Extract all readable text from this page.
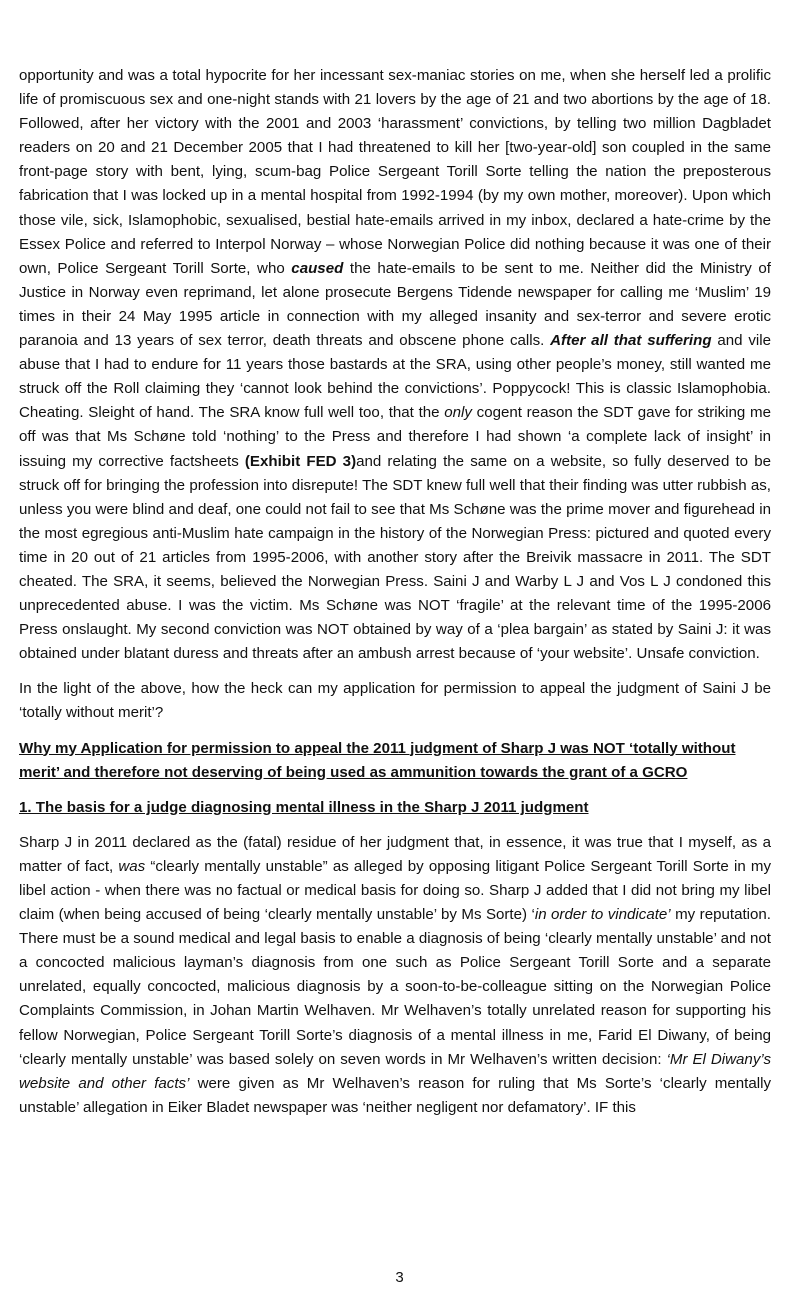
opportunity and was a total hypocrite for her incessant sex-maniac stories on me, when she herself led a prolific life of promiscuous sex and one-night stands with 21 lovers by the age of 21 and two abortions by the age of 18. Followed, after her victory with the 2001 and 2003 ‘harassment’ convictions, by telling two million Dagbladet readers on 20 and 21 December 2005 that I had threatened to kill her [two-year-old] son coupled in the same front-page story with bent, lying, scum-bag Police Sergeant Torill Sorte telling the nation the preposterous fabrication that I was locked up in a mental hospital from 1992-1994 (by my own mother, moreover). Upon which those vile, sick, Islamophobic, sexualised, bestial hate-emails arrived in my inbox, declared a hate-crime by the Essex Police and referred to Interpol Norway – whose Norwegian Police did nothing because it was one of their own, Police Sergeant Torill Sorte, who caused the hate-emails to be sent to me. Neither did the Ministry of Justice in Norway even reprimand, let alone prosecute Bergens Tidende newspaper for calling me ‘Muslim’ 19 times in their 24 May 1995 article in connection with my alleged insanity and sex-terror and severe erotic paranoia and 13 years of sex terror, death threats and obscene phone calls. After all that suffering and vile abuse that I had to endure for 11 years those bastards at the SRA, using other people’s money, still wanted me struck off the Roll claiming they ‘cannot look behind the convictions’. Poppycock! This is classic Islamophobia. Cheating. Sleight of hand. The SRA know full well too, that the only cogent reason the SDT gave for striking me off was that Ms Schøne told ‘nothing’ to the Press and therefore I had shown ‘a complete lack of insight’ in issuing my corrective factsheets (Exhibit FED 3)and relating the same on a website, so fully deserved to be struck off for bringing the profession into disrepute! The SDT knew full well that their finding was utter rubbish as, unless you were blind and deaf, one could not fail to see that Ms Schøne was the prime mover and figurehead in the most egregious anti-Muslim hate campaign in the history of the Norwegian Press: pictured and quoted every time in 20 out of 21 articles from 1995-2006, with another story after the Breivik massacre in 2011. The SDT cheated. The SRA, it seems, believed the Norwegian Press. Saini J and Warby L J and Vos L J condoned this unprecedented abuse. I was the victim. Ms Schøne was NOT ‘fragile’ at the relevant time of the 1995-2006 Press onslaught. My second conviction was NOT obtained by way of a ‘plea bargain’ as stated by Saini J: it was obtained under blatant duress and threats after an ambush arrest because of ‘your website’. Unsafe conviction.

In the light of the above, how the heck can my application for permission to appeal the judgment of Saini J be ‘totally without merit’?

Why my Application for permission to appeal the 2011 judgment of Sharp J was NOT ‘totally without merit’ and therefore not deserving of being used as ammunition towards the grant of a GCRO

1. The basis for a judge diagnosing mental illness in the Sharp J 2011 judgment

Sharp J in 2011 declared as the (fatal) residue of her judgment that, in essence, it was true that I myself, as a matter of fact, was “clearly mentally unstable” as alleged by opposing litigant Police Sergeant Torill Sorte in my libel action - when there was no factual or medical basis for doing so. Sharp J added that I did not bring my libel claim (when being accused of being ‘clearly mentally unstable’ by Ms Sorte) ‘in order to vindicate’ my reputation. There must be a sound medical and legal basis to enable a diagnosis of being ‘clearly mentally unstable’ and not a concocted malicious layman’s diagnosis from one such as Police Sergeant Torill Sorte and a separate unrelated, equally concocted, malicious diagnosis by a soon-to-be-colleague sitting on the Norwegian Police Complaints Commission, in Johan Martin Welhaven. Mr Welhaven’s totally unrelated reason for supporting his fellow Norwegian, Police Sergeant Torill Sorte’s diagnosis of a mental illness in me, Farid El Diwany, of being ‘clearly mentally unstable’ was based solely on seven words in Mr Welhaven’s written decision: ‘Mr El Diwany’s website and other facts’ were given as Mr Welhaven’s reason for ruling that Ms Sorte’s ‘clearly mentally unstable’ allegation in Eiker Bladet newspaper was ‘neither negligent nor defamatory’. IF this

3
